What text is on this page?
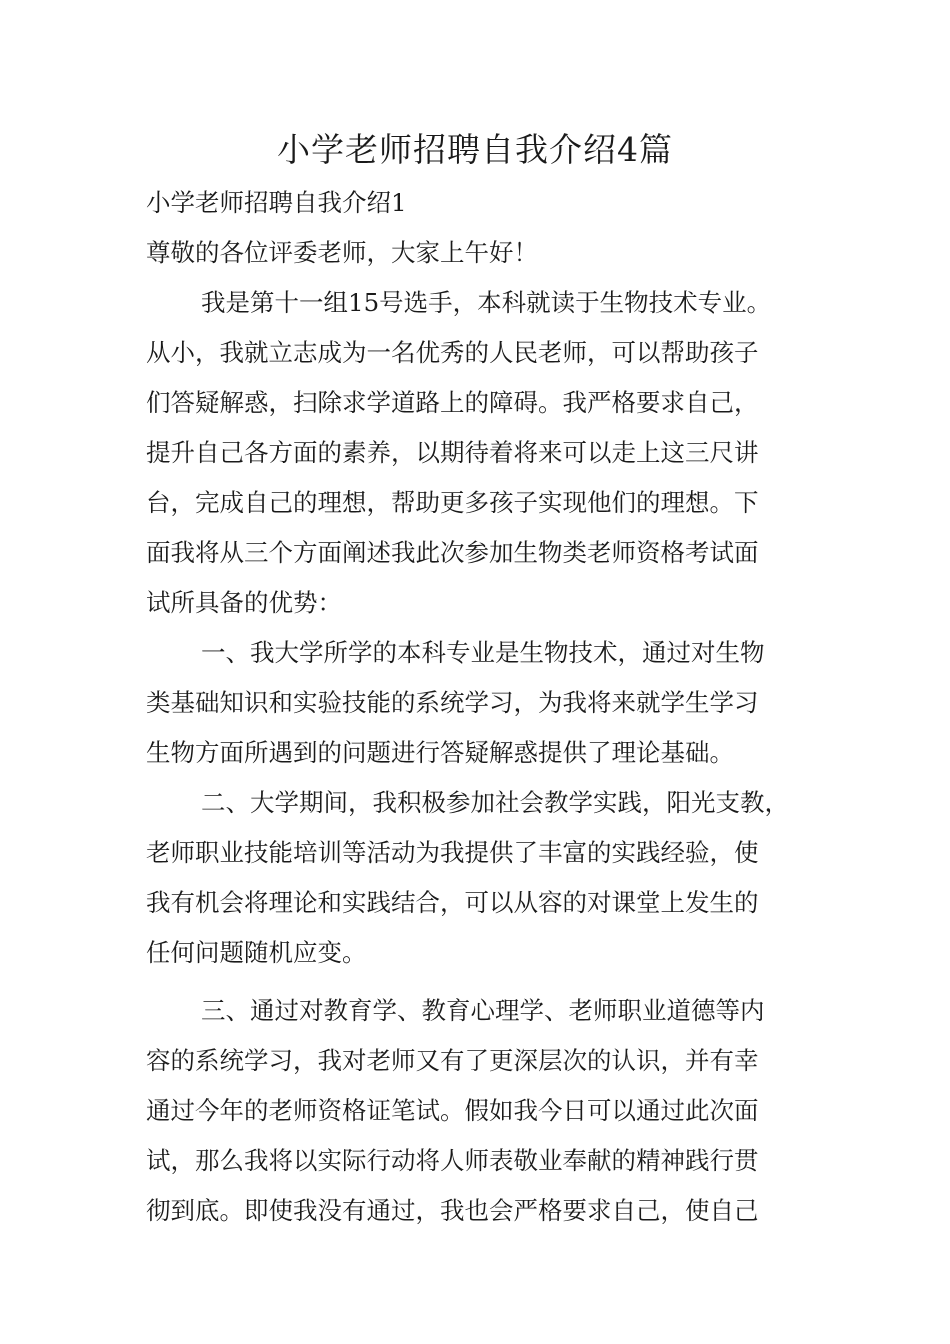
小学老师招聘自我介绍4篇
小学老师招聘自我介绍1
尊敬的各位评委老师，大家上午好！
我是第十一组15号选手，本科就读于生物技术专业。
从小，我就立志成为一名优秀的人民老师，可以帮助孩子
们答疑解惑，扫除求学道路上的障碍。我严格要求自己，
提升自己各方面的素养，以期待着将来可以走上这三尺讲
台，完成自己的理想，帮助更多孩子实现他们的理想。下
面我将从三个方面阐述我此次参加生物类老师资格考试面
试所具备的优势：
一、我大学所学的本科专业是生物技术，通过对生物
类基础知识和实验技能的系统学习，为我将来就学生学习
生物方面所遇到的问题进行答疑解惑提供了理论基础。
二、大学期间，我积极参加社会教学实践，阳光支教，
老师职业技能培训等活动为我提供了丰富的实践经验，使
我有机会将理论和实践结合，可以从容的对课堂上发生的
任何问题随机应变。
三、通过对教育学、教育心理学、老师职业道德等内
容的系统学习，我对老师又有了更深层次的认识，并有幸
通过今年的老师资格证笔试。假如我今日可以通过此次面
试，那么我将以实际行动将人师表敬业奉献的精神践行贯
彻到底。即使我没有通过，我也会严格要求自己，使自己
